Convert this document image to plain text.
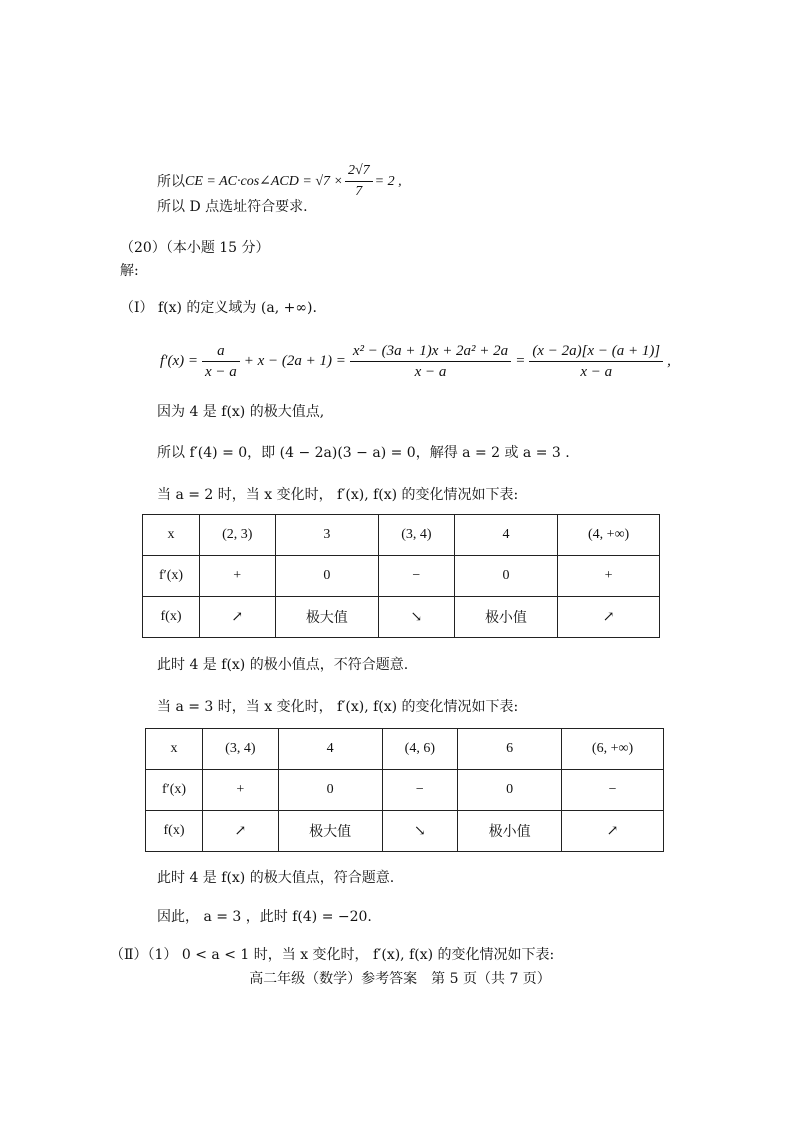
所以 CE = AC·cos∠ACD = $√7 \times \frac{2√7}{7} = 2$ ,
所以 D 点选址符合要求.
（20）（本小题 15 分）
解:
（Ⅰ） f(x) 的定义域为 (a, +∞).
$f'(x) = \frac{a}{x - a} + x - (2a + 1) = \frac{\text{x² − (3a + 1)x + 2a² + 2a}}{x - a} = \frac{(x - 2a)[x - (a + 1)]}{x - a}$ ,
因为 4 是 f(x) 的极大值点,
所以 f′(4) = 0，即 (4 − 2a)(3 − a) = 0，解得 a = 2 或 a = 3 .
当 a = 2 时，当 x 变化时， f′(x), f(x) 的变化情况如下表:
x	(2, 3)	3	(3, 4)	4	(4, +∞)
f′(x)	+	0	−	0	+
f(x)	↗	极大值	↘	极小值	↗
此时 4 是 f(x) 的极小值点，不符合题意.
当 a = 3 时，当 x 变化时， f′(x), f(x) 的变化情况如下表:
x	(3, 4)	4	(4, 6)	6	(6, +∞)
f′(x)	+	0	−	0	−
f(x)	↗	极大值	↘	极小值	↗
此时 4 是 f(x) 的极大值点，符合题意.
因此， a = 3 ，此时 f(4) = −20.
（Ⅱ）（1） 0 < a < 1 时，当 x 变化时， f′(x), f(x) 的变化情况如下表:
高二年级（数学）参考答案　第 5 页（共 7 页）
